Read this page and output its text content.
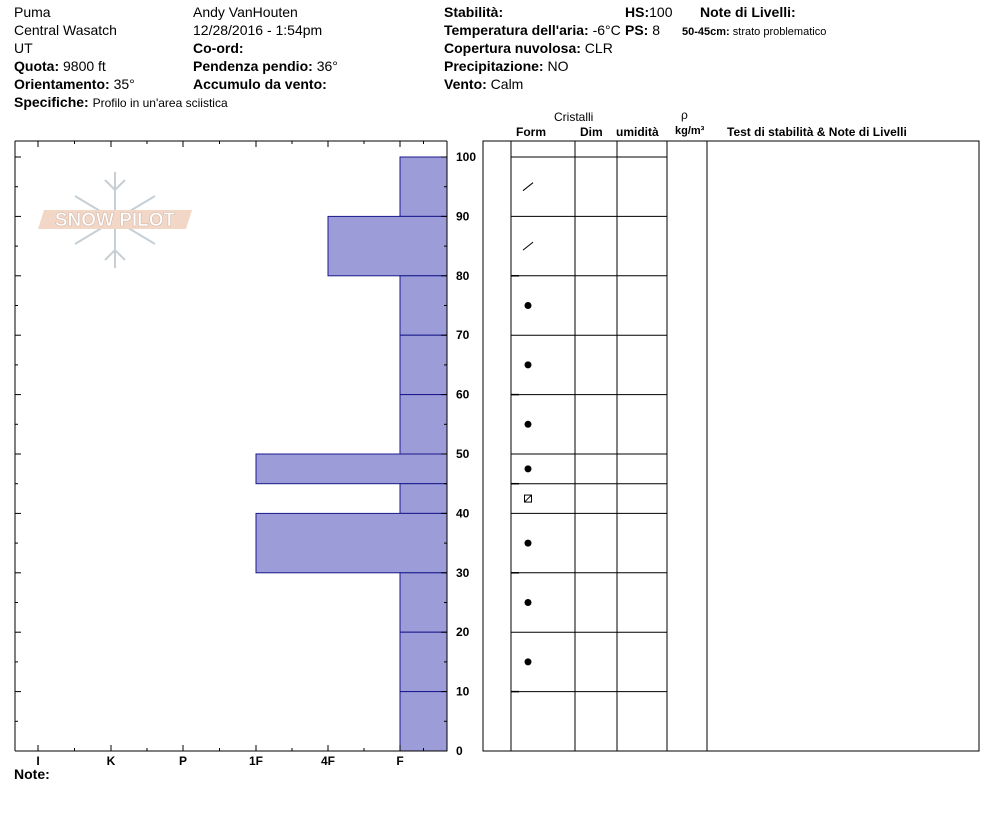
Puma
Central Wasatch
UT
Quota: 9800 ft
Orientamento: 35°
Specifiche: Profilo in un'area sciistica
Andy VanHouten
12/28/2016 - 1:54pm
Co-ord:
Pendenza pendio: 36°
Accumulo da vento:
Stabilità:
Temperatura dell'aria: -6°C
Copertura nuvolosa: CLR
Precipitazione: NO
Vento: Calm
HS:100
PS: 8
Note di Livelli:
50-45cm: strato problematico
Cristalli
Form	Dim umidità
ρ
kg/m³ Test di stabilità & Note di Livelli
Note:
SNOW PILOT
I	K	P	1F	4F	F
0
10
20
30
40
50
60
70
80
90
100
